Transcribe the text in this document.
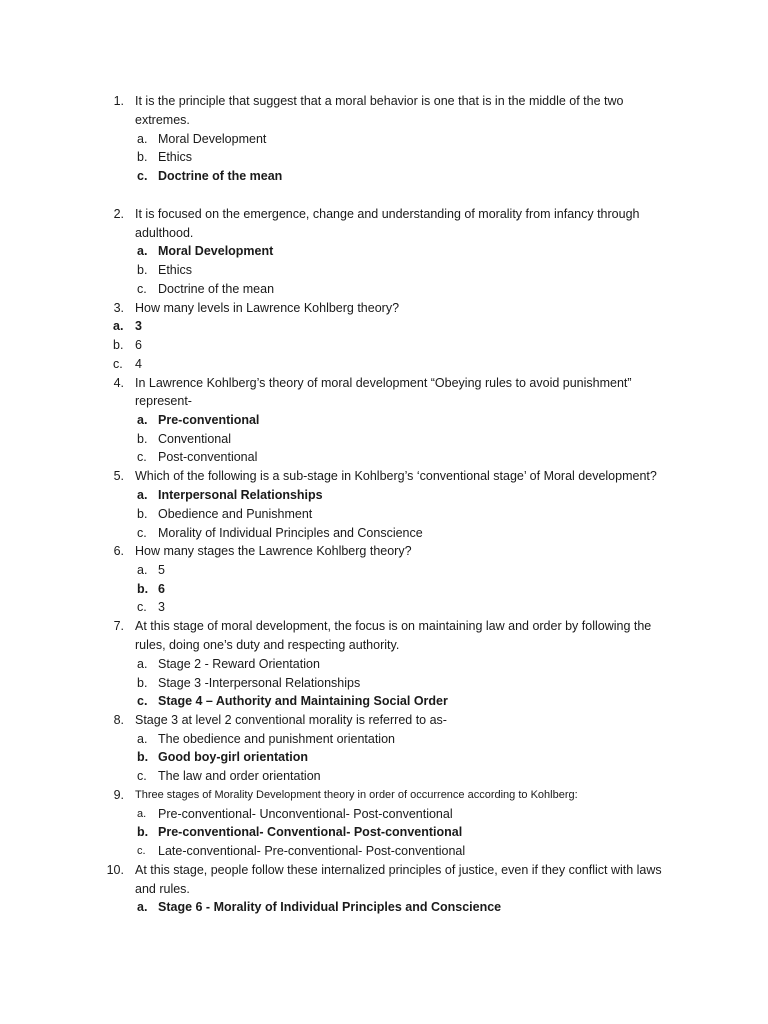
1. It is the principle that suggest that a moral behavior is one that is in the middle of the two
extremes.
a. Moral Development
b. Ethics
c. Doctrine of the mean
2. It is focused on the emergence, change and understanding of morality from infancy through
adulthood.
a. Moral Development
b. Ethics
c. Doctrine of the mean
3. How many levels in Lawrence Kohlberg theory?
a. 3
b. 6
c. 4
4. In Lawrence Kohlberg’s theory of moral development “Obeying rules to avoid punishment”
represent-
a. Pre-conventional
b. Conventional
c. Post-conventional
5. Which of the following is a sub-stage in Kohlberg’s ‘conventional stage’ of Moral development?
a. Interpersonal Relationships
b. Obedience and Punishment
c. Morality of Individual Principles and Conscience
6. How many stages the Lawrence Kohlberg theory?
a. 5
b. 6
c. 3
7. At this stage of moral development, the focus is on maintaining law and order by following the
rules, doing one’s duty and respecting authority.
a. Stage 2 - Reward Orientation
b. Stage 3 -Interpersonal Relationships
c. Stage 4 – Authority and Maintaining Social Order
8. Stage 3 at level 2 conventional morality is referred to as-
a. The obedience and punishment orientation
b. Good boy-girl orientation
c. The law and order orientation
9. Three stages of Morality Development theory in order of occurrence according to Kohlberg:
a. Pre-conventional- Unconventional- Post-conventional
b. Pre-conventional- Conventional- Post-conventional
c. Late-conventional- Pre-conventional- Post-conventional
10. At this stage, people follow these internalized principles of justice, even if they conflict with laws
and rules.
a. Stage 6 - Morality of Individual Principles and Conscience
